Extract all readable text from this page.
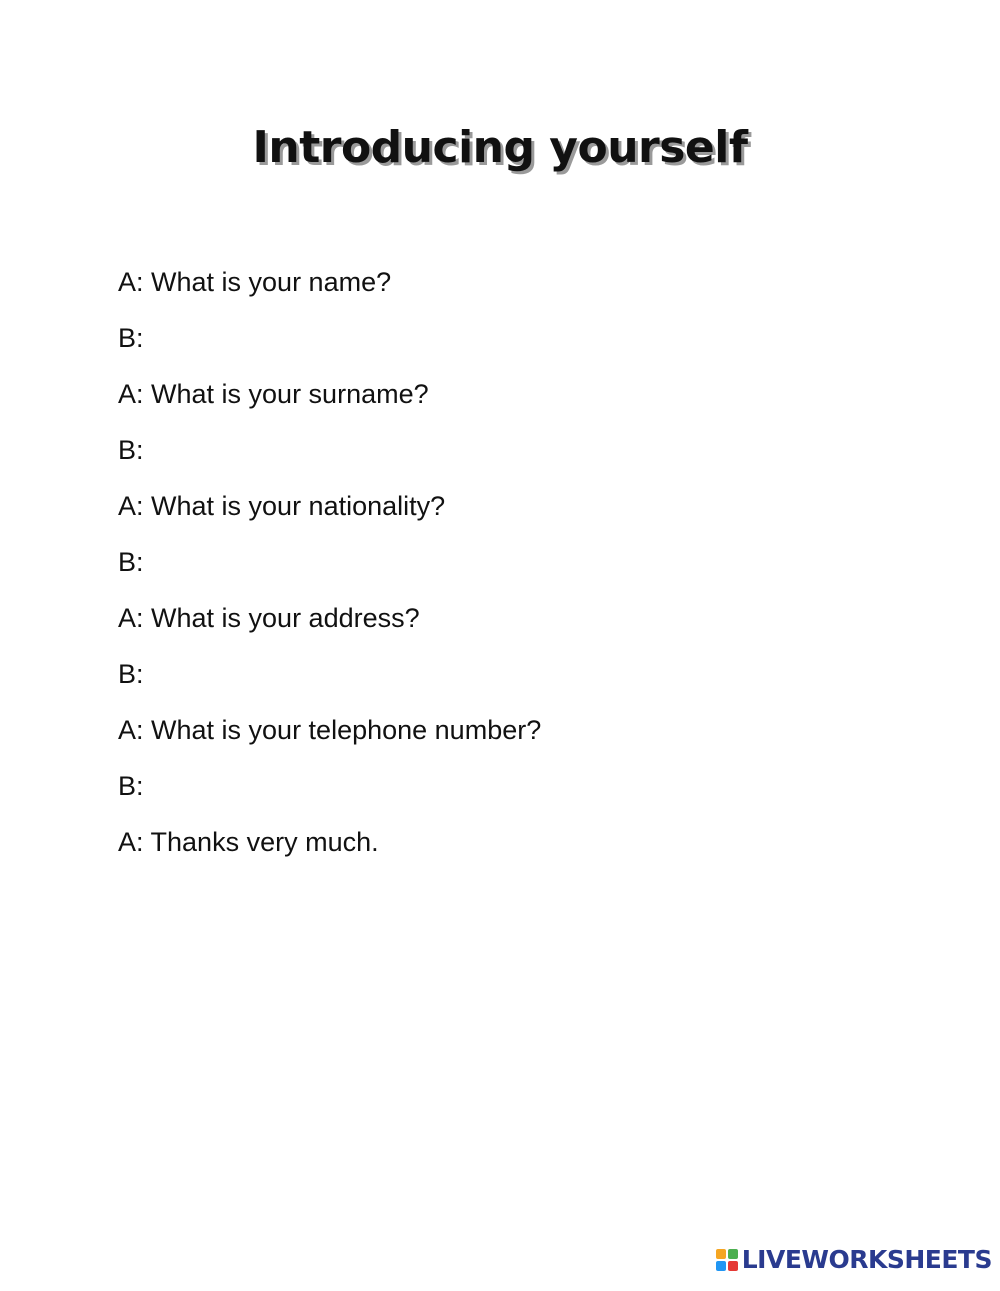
Introducing yourself
A: What is your name?
B:
A: What is your surname?
B:
A: What is your nationality?
B:
A: What is your address?
B:
A: What is your telephone number?
B:
A: Thanks very much.
LIVEWORKSHEETS
